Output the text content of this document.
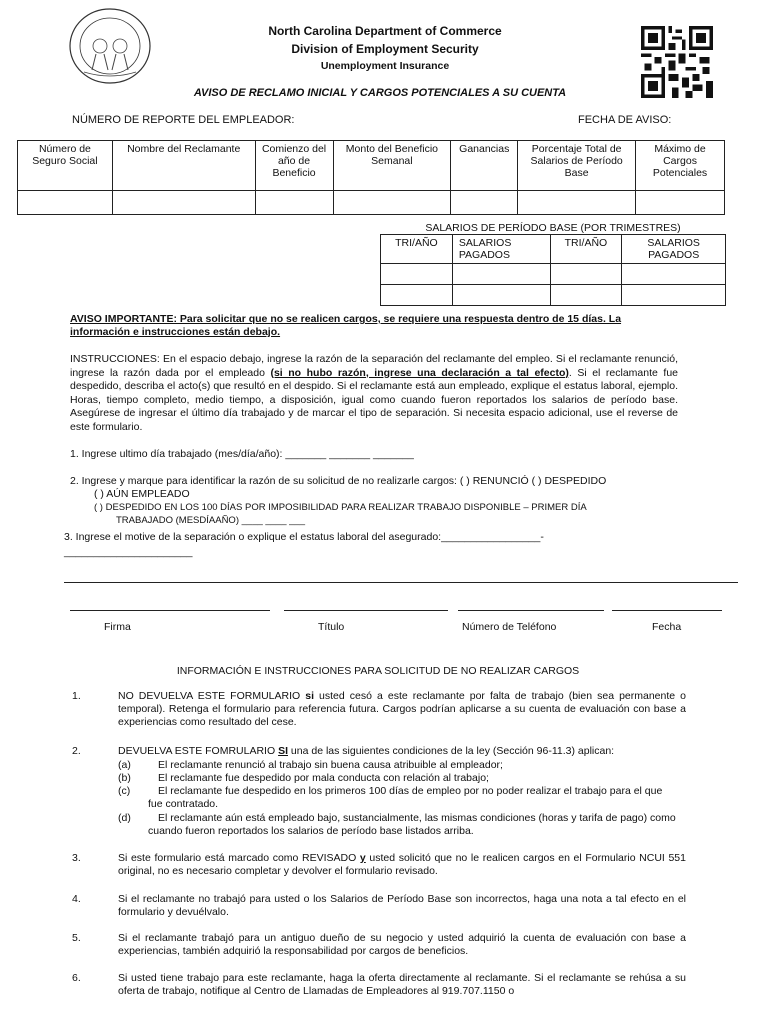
North Carolina Department of Commerce
Division of Employment Security
Unemployment Insurance
AVISO DE RECLAMO INICIAL Y CARGOS POTENCIALES A SU CUENTA
NÚMERO DE REPORTE DEL EMPLEADOR:	FECHA DE AVISO:
Número de Seguro Social	Nombre del Reclamante	Comienzo del año de Beneficio	Monto del Beneficio Semanal	Ganancias	Porcentaje Total de Salarios de Período Base	Máximo de Cargos Potenciales

SALARIOS DE PERÍODO BASE (POR TRIMESTRES)
TRI/AÑO	SALARIOS PAGADOS	TRI/AÑO	SALARIOS PAGADOS

AVISO IMPORTANTE: Para solicitar que no se realicen cargos, se requiere una respuesta dentro de 15 días. La
información e instrucciones están debajo.
INSTRUCCIONES: En el espacio debajo, ingrese la razón de la separación del reclamante del empleo. Si el reclamante renunció, ingrese la razón dada por el empleado (si no hubo razón, ingrese una declaración a tal efecto). Si el reclamante fue despedido, describa el acto(s) que resultó en el despido. Si el reclamante está aun empleado, explique el estatus laboral, ejemplo. Horas, tiempo completo, medio tiempo, a disposición, igual como cuando fueron reportados los salarios de período base. Asegúrese de ingresar el último día trabajado y de marcar el tipo de separación. Si necesita espacio adicional, use el reverse de este formulario.
1. Ingrese ultimo día trabajado (mes/día/año): _______ _______ _______
2. Ingrese y marque para identificar la razón de su solicitud de no realizarle cargos: ( ) RENUNCIÓ ( ) DESPEDIDO
( ) AÚN EMPLEADO
( ) DESPEDIDO EN LOS 100 DÍAS POR IMPOSIBILIDAD PARA REALIZAR TRABAJO DISPONIBLE – PRIMER DÍA
TRABAJADO (MESDÍAAÑO) ____ ____ ___
3. Ingrese el motive de la separación o explique el estatus laboral del asegurado:_________________-
______________________
Firma	Título	Número de Teléfono	Fecha
INFORMACIÓN E INSTRUCCIONES PARA SOLICITUD DE NO REALIZAR CARGOS
1.	NO DEVUELVA ESTE FORMULARIO si usted cesó a este reclamante por falta de trabajo (bien sea permanente o temporal). Retenga el formulario para referencia futura. Cargos podrían aplicarse a su cuenta de evaluación con base a experiencias como resultado del cese.
2.	DEVUELVA ESTE FOMRULARIO SI una de las siguientes condiciones de la ley (Sección 96-11.3) aplican:
(a)	El reclamante renunció al trabajo sin buena causa atribuible al empleador;
(b)	El reclamante fue despedido por mala conducta con relación al trabajo;
(c)	El reclamante fue despedido en los primeros 100 días de empleo por no poder realizar el trabajo para el que fue contratado.
(d)	El reclamante aún está empleado bajo, sustancialmente, las mismas condiciones (horas y tarifa de pago) como cuando fueron reportados los salarios de período base listados arriba.
3.	Si este formulario está marcado como REVISADO y usted solicitó que no le realicen cargos en el Formulario NCUI 551 original, no es necesario completar y devolver el formulario revisado.
4.	Si el reclamante no trabajó para usted o los Salarios de Período Base son incorrectos, haga una nota a tal efecto en el formulario y devuélvalo.
5.	Si el reclamante trabajó para un antiguo dueño de su negocio y usted adquirió la cuenta de evaluación con base a experiencias, también adquirió la responsabilidad por cargos de beneficios.
6.	Si usted tiene trabajo para este reclamante, haga la oferta directamente al reclamante. Si el reclamante se rehúsa a su oferta de trabajo, notifique al Centro de Llamadas de Empleadores al 919.707.1150 o
